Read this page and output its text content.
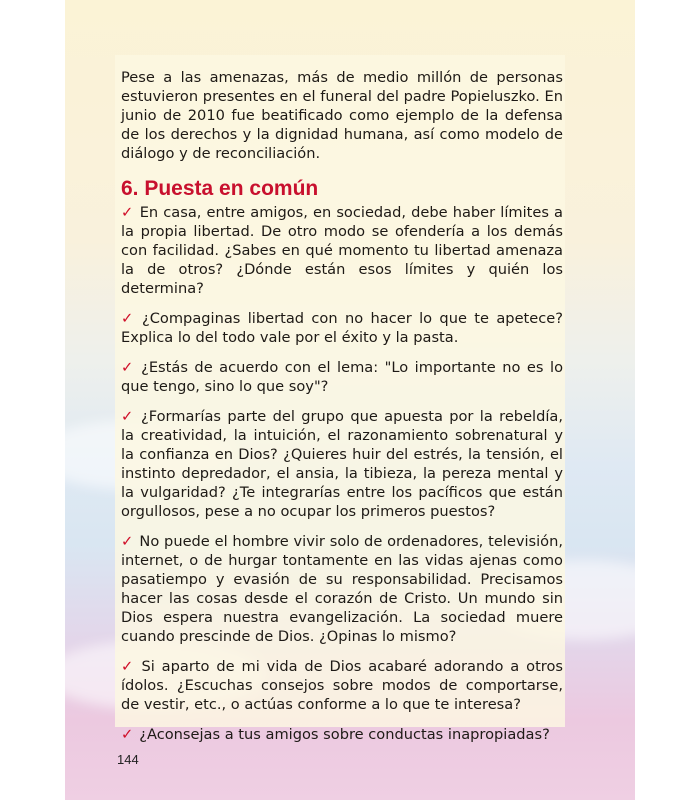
Pese a las amenazas, más de medio millón de personas estuvieron presentes en el funeral del padre Popieluszko. En junio de 2010 fue beatificado como ejemplo de la defensa de los derechos y la dignidad humana, así como modelo de diálogo y de reconciliación.

6. Puesta en común

✓ En casa, entre amigos, en sociedad, debe haber límites a la propia libertad. De otro modo se ofendería a los demás con facilidad. ¿Sabes en qué momento tu libertad amenaza la de otros? ¿Dónde están esos límites y quién los determina?

✓ ¿Compaginas libertad con no hacer lo que te apetece? Explica lo del todo vale por el éxito y la pasta.

✓ ¿Estás de acuerdo con el lema: "Lo importante no es lo que tengo, sino lo que soy"?

✓ ¿Formarías parte del grupo que apuesta por la rebeldía, la creatividad, la intuición, el razonamiento sobrenatural y la confianza en Dios? ¿Quieres huir del estrés, la tensión, el instinto depredador, el ansia, la tibieza, la pereza mental y la vulgaridad? ¿Te integrarías entre los pacíficos que están orgullosos, pese a no ocupar los primeros puestos?

✓ No puede el hombre vivir solo de ordenadores, televisión, internet, o de hurgar tontamente en las vidas ajenas como pasatiempo y evasión de su responsabilidad. Precisamos hacer las cosas desde el corazón de Cristo. Un mundo sin Dios espera nuestra evangelización. La sociedad muere cuando prescinde de Dios. ¿Opinas lo mismo?

✓ Si aparto de mi vida de Dios acabaré adorando a otros ídolos. ¿Escuchas consejos sobre modos de comportarse, de vestir, etc., o actúas conforme a lo que te interesa?

✓ ¿Aconsejas a tus amigos sobre conductas inapropiadas?

144
